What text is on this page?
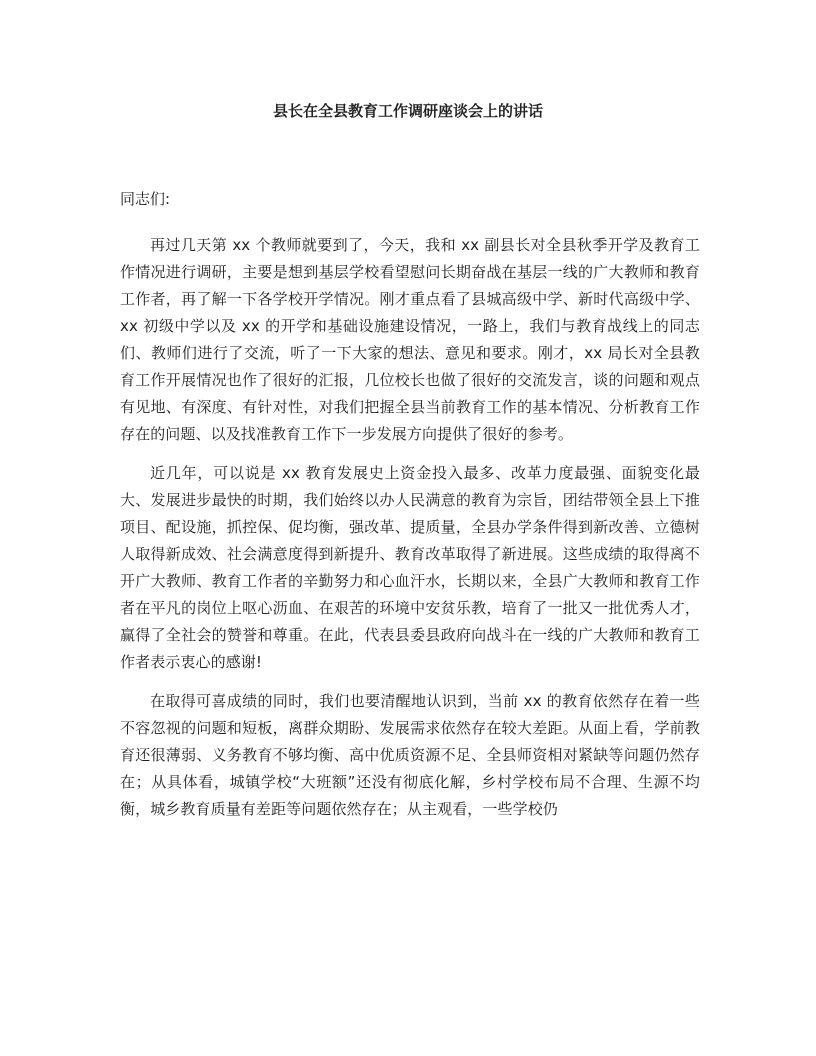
县长在全县教育工作调研座谈会上的讲话

同志们:

再过几天第 xx 个教师就要到了，今天，我和 xx 副县长对全县秋季开学及教育工作情况进行调研，主要是想到基层学校看望慰问长期奋战在基层一线的广大教师和教育工作者，再了解一下各学校开学情况。刚才重点看了县城高级中学、新时代高级中学、xx 初级中学以及 xx 的开学和基础设施建设情况，一路上，我们与教育战线上的同志们、教师们进行了交流，听了一下大家的想法、意见和要求。刚才，xx 局长对全县教育工作开展情况也作了很好的汇报，几位校长也做了很好的交流发言，谈的问题和观点有见地、有深度、有针对性，对我们把握全县当前教育工作的基本情况、分析教育工作存在的问题、以及找准教育工作下一步发展方向提供了很好的参考。

近几年，可以说是 xx 教育发展史上资金投入最多、改革力度最强、面貌变化最大、发展进步最快的时期，我们始终以办人民满意的教育为宗旨，团结带领全县上下推项目、配设施，抓控保、促均衡，强改革、提质量，全县办学条件得到新改善、立德树人取得新成效、社会满意度得到新提升、教育改革取得了新进展。这些成绩的取得离不开广大教师、教育工作者的辛勤努力和心血汗水，长期以来，全县广大教师和教育工作者在平凡的岗位上呕心沥血、在艰苦的环境中安贫乐教，培育了一批又一批优秀人才，赢得了全社会的赞誉和尊重。在此，代表县委县政府向战斗在一线的广大教师和教育工作者表示衷心的感谢!

在取得可喜成绩的同时，我们也要清醒地认识到，当前 xx 的教育依然存在着一些不容忽视的问题和短板，离群众期盼、发展需求依然存在较大差距。从面上看，学前教育还很薄弱、义务教育不够均衡、高中优质资源不足、全县师资相对紧缺等问题仍然存在；从具体看，城镇学校“大班额”还没有彻底化解，乡村学校布局不合理、生源不均衡，城乡教育质量有差距等问题依然存在；从主观看，一些学校仍
